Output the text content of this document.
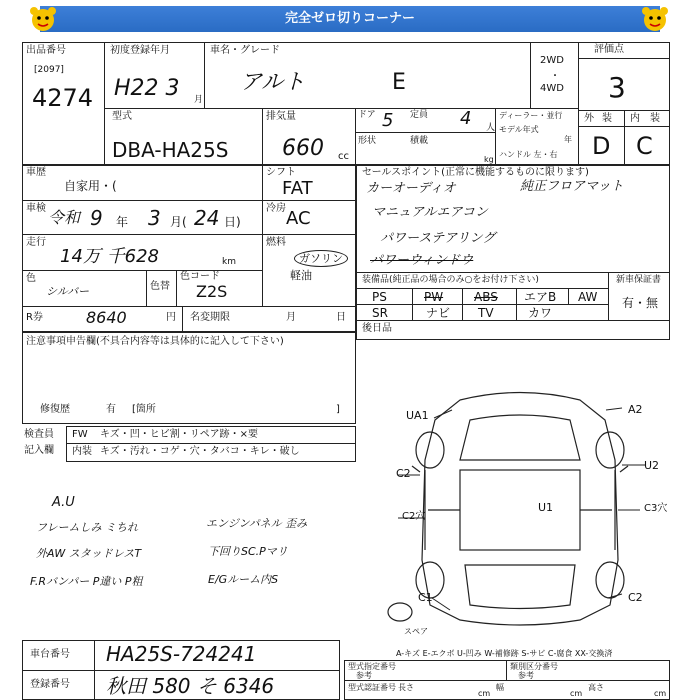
完全ゼロ切りコーナー
出品番号
[2097]
4274
初度登録年月
H22 3 月
車名・グレード
アルト	E
2WD
・
4WD
評価点
3
型式
DBA-HA25S
排気量
660 cc
ドア 5 定員 4 人
形状	積載
kg
ディーラー・並行
モデル年式
年
ハンドル 左・右
外 装 内 装
D C
車歴
自家用・(
シフト
FAT
車検 令和 9 年 3 月( 24 日)
冷房 AC
走行
14万 千628	km
燃料
ガソリン
軽油
色
シルバー	色替
色コード
Z2S
R券	8640	円 名変期限	月	日
注意事項申告欄(不具合内容等は具体的に記入して下さい)
修復歴	有 [箇所	]
セールスポイント(正常に機能するものに限ります)
カーオーディオ	純正フロアマット
マニュアルエアコン
パワーステアリング
パワーウィンドウ
装備品(純正品の場合のみ○をお付け下さい)	新車保証書
有・無
PS	PW	ABS エアB AW
SR	ナビ TV	カワ
後日品
検査員
記入欄
FW キズ・凹・ヒビ割・リペア跡・×要
内装 キズ・汚れ・コゲ・穴・タバコ・キレ・破し
A.U
フレームしみ ミちれ	エンジンパネル 歪み
外AW スタッドレスT	下回りSC.Pマリ
F.Rバンパー P違い P粗	E/Gルーム内S
UA1	A2
C2
U2
C2穴
U1	C3穴
C1	C2
スペア
A-キズ E-エクボ U-凹み W-補修跡 S-サビ C-腐食 XX-交換済
車台番号 HA25S-724241
登録番号 秋田 580 そ 6346
型式指定番号
参考
類別区分番号
参考
型式認証番号 長さ
cm
幅
cm
高さ
cm
